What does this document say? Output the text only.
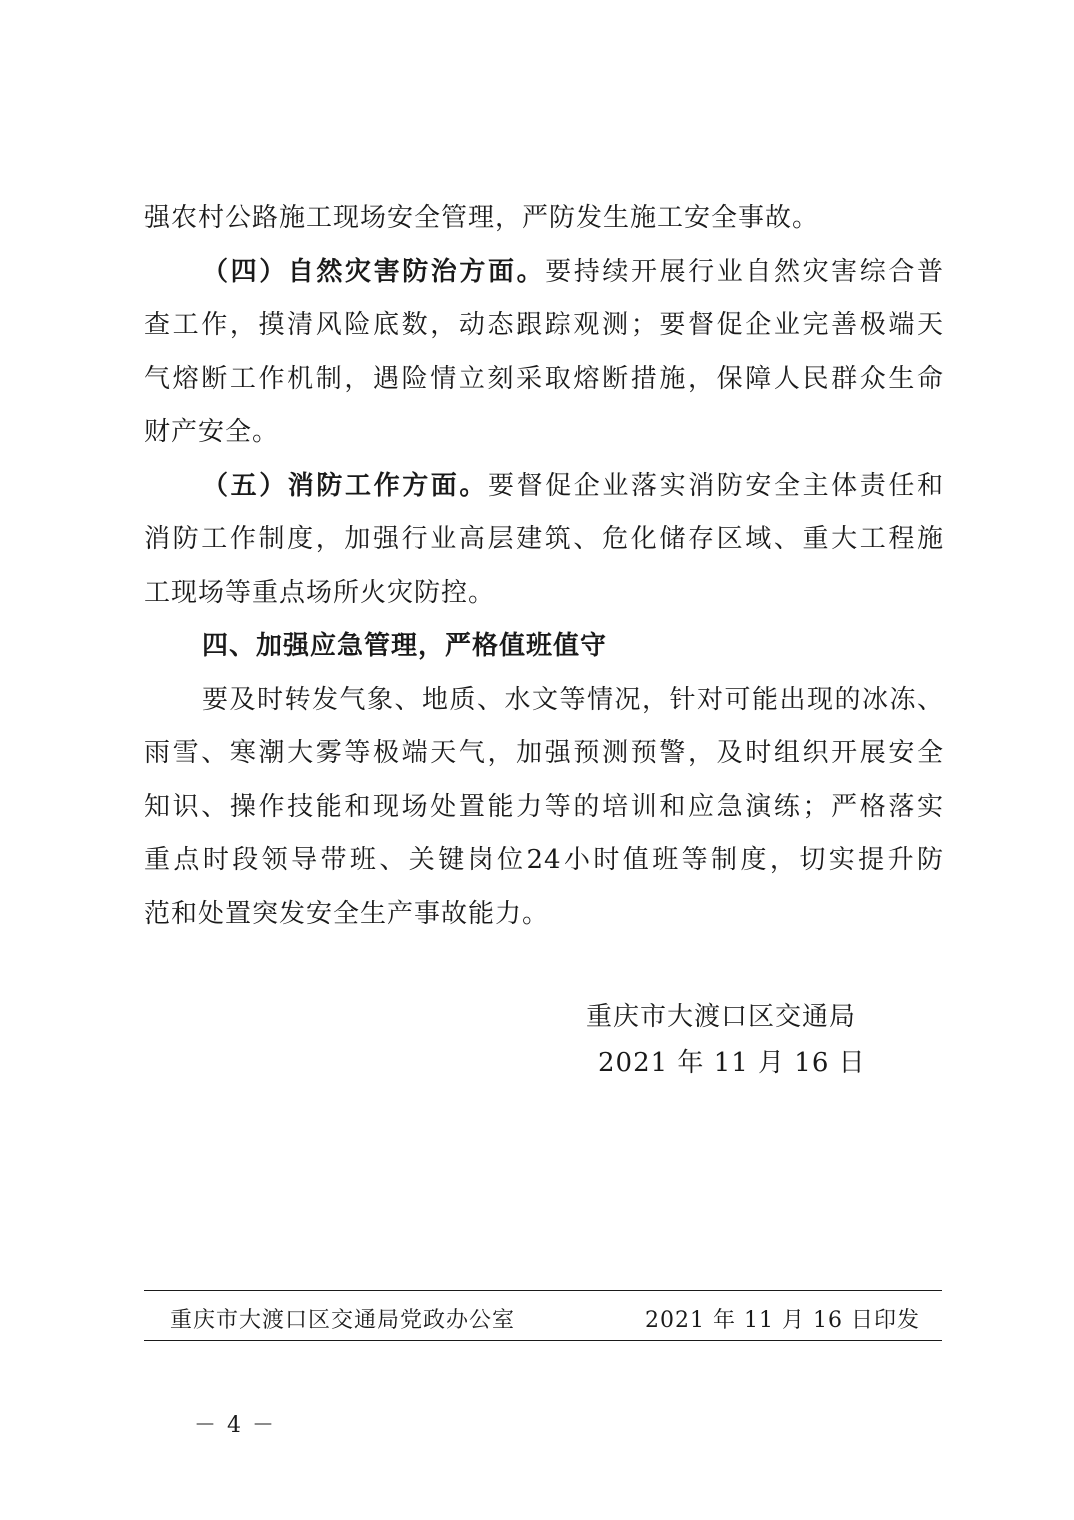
强农村公路施工现场安全管理，严防发生施工安全事故。
（四）自然灾害防治方面。要持续开展行业自然灾害综合普
查工作，摸清风险底数，动态跟踪观测；要督促企业完善极端天
气熔断工作机制，遇险情立刻采取熔断措施，保障人民群众生命
财产安全。
（五）消防工作方面。要督促企业落实消防安全主体责任和
消防工作制度，加强行业高层建筑、危化储存区域、重大工程施
工现场等重点场所火灾防控。
四、加强应急管理，严格值班值守
要及时转发气象、地质、水文等情况，针对可能出现的冰冻、
雨雪、寒潮大雾等极端天气，加强预测预警，及时组织开展安全
知识、操作技能和现场处置能力等的培训和应急演练；严格落实
重点时段领导带班、关键岗位24小时值班等制度，切实提升防
范和处置突发安全生产事故能力。
重庆市大渡口区交通局
2021 年 11 月 16 日
重庆市大渡口区交通局党政办公室	2021 年 11 月 16 日印发
－ 4 －
